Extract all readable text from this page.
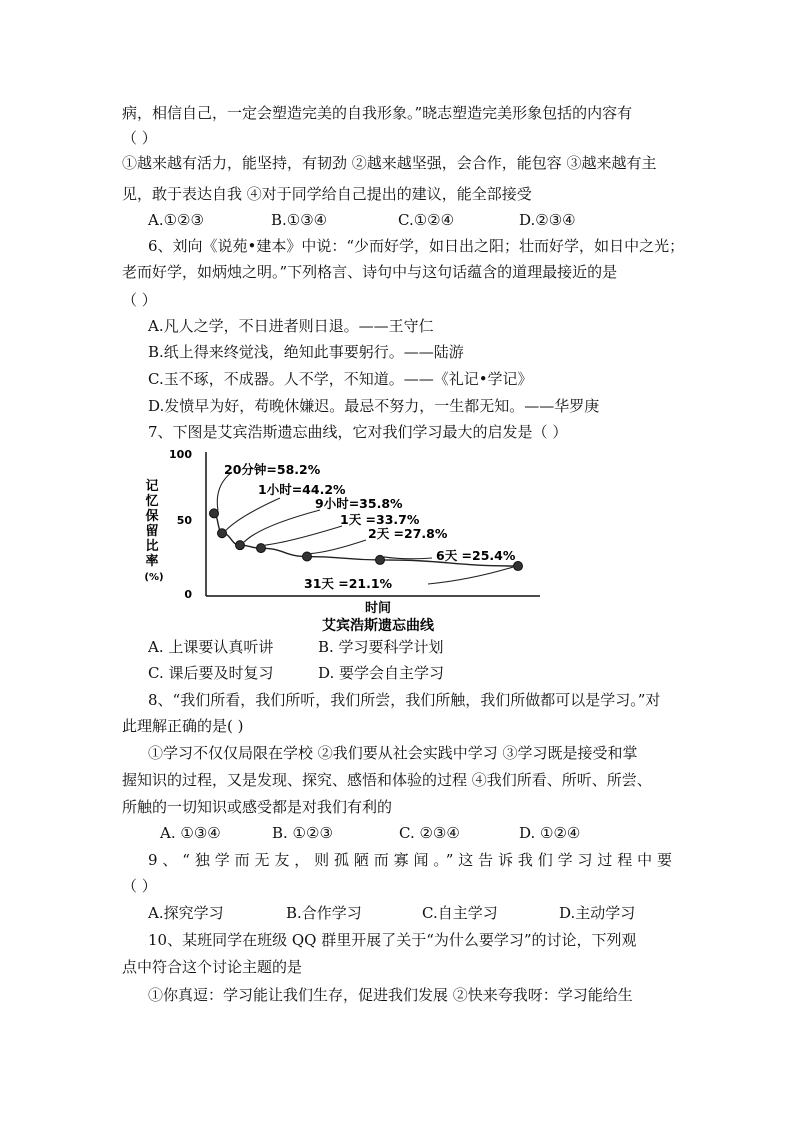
病，相信自己，一定会塑造完美的自我形象。”晓志塑造完美形象包括的内容有
（ ）
①越来越有活力，能坚持，有韧劲 ②越来越坚强，会合作，能包容 ③越来越有主
见，敢于表达自我 ④对于同学给自己提出的建议，能全部接受
A.①②③	B.①③④	C.①②④	D.②③④
6、刘向《说苑•建本》中说：“少而好学，如日出之阳；壮而好学，如日中之光；
老而好学，如炳烛之明。”下列格言、诗句中与这句话蕴含的道理最接近的是
（ ）
A.凡人之学，不日进者则日退。——王守仁
B.纸上得来终觉浅，绝知此事要躬行。——陆游
C.玉不琢，不成器。人不学，不知道。——《礼记•学记》
D.发愤早为好，苟晚休嫌迟。最忌不努力，一生都无知。——华罗庚
7、下图是艾宾浩斯遗忘曲线，它对我们学习最大的启发是（ ）
记忆保留比率(%)
100
50
0
20分钟=58.2%
1小时=44.2%
9小时=35.8%
1天 =33.7%
2天 =27.8%
6天 =25.4%
31天 =21.1%
时间
艾宾浩斯遗忘曲线
A. 上课要认真听讲	B. 学习要科学计划
C. 课后要及时复习	D. 要学会自主学习
8、“我们所看，我们所听，我们所尝，我们所触，我们所做都可以是学习。”对
此理解正确的是( )
①学习不仅仅局限在学校 ②我们要从社会实践中学习 ③学习既是接受和掌
握知识的过程，又是发现、探究、感悟和体验的过程 ④我们所看、所听、所尝、
所触的一切知识或感受都是对我们有利的
A. ①③④	B. ①②③	C. ②③④	D. ①②④
9、“独学而无友，则孤陋而寡闻。”这告诉我们学习过程中要
（ ）
A.探究学习	B.合作学习	C.自主学习	D.主动学习
10、某班同学在班级 QQ 群里开展了关于“为什么要学习”的讨论，下列观
点中符合这个讨论主题的是
①你真逗：学习能让我们生存，促进我们发展 ②快来夸我呀：学习能给生
